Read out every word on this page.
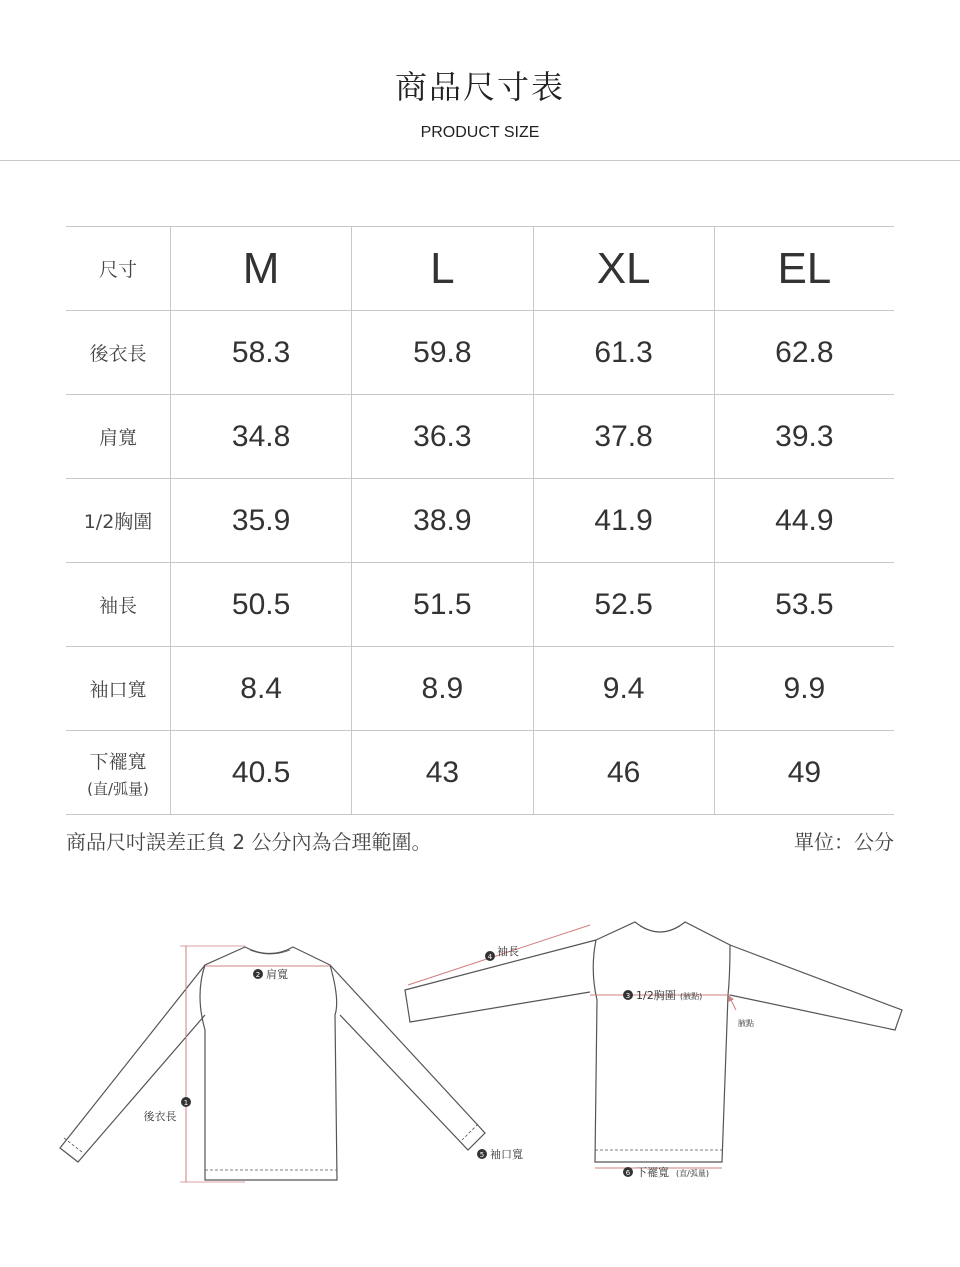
商品尺寸表
PRODUCT SIZE
尺寸	M	L	XL	EL
後衣長	58.3	59.8	61.3	62.8
肩寬	34.8	36.3	37.8	39.3
1/2胸圍	35.9	38.9	41.9	44.9
袖長	50.5	51.5	52.5	53.5
袖口寬	8.4	8.9	9.4	9.9
下襬寬
(直/弧量)	40.5	43	46	49
商品尺吋誤差正負 2 公分內為合理範圍。	單位：公分
1
後衣長
2 肩寬
5 袖口寬
4 袖長
3 1/2胸圍 (腋點)
腋點
6 下襬寬 (直/弧量)
